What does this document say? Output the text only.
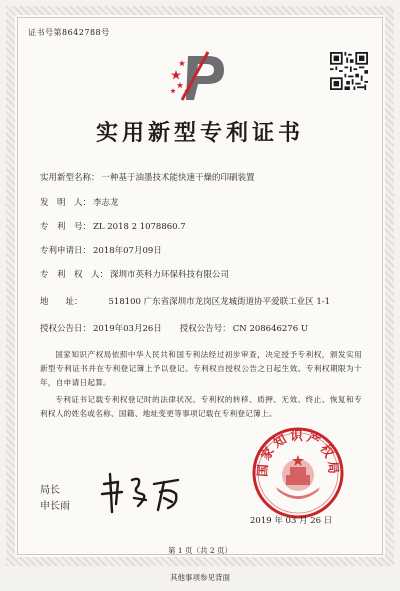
证书号第8642788号
实用新型专利证书
实用新型名称： 一种基于油墨技术能快速干燥的印刷装置
发　明　人： 李志龙
专　利　号： ZL 2018 2 1078860.7
专利申请日： 2018年07月09日
专　利　权　人： 深圳市英科力环保科技有限公司
地　　址：	518100 广东省深圳市龙岗区龙城街道协平爱联工业区 1-1
授权公告日： 2019年03月26日 授权公告号： CN 208646276 U
国家知识产权局依照中华人民共和国专利法经过初步审查，决定授予专利权，颁发实用新型专利证书并在专利登记簿上予以登记。专利权自授权公告之日起生效。专利权期限为十年，自申请日起算。
专利证书记载专利权登记时的法律状况。专利权的转移、质押、无效、终止、恢复和专利权人的姓名或名称、国籍、地址变更等事项记载在专利登记簿上。
局长
申长雨
国家知识产权局
2019 年 03 月 26 日
第 1 页（共 2 页）
其他事项参见背面
